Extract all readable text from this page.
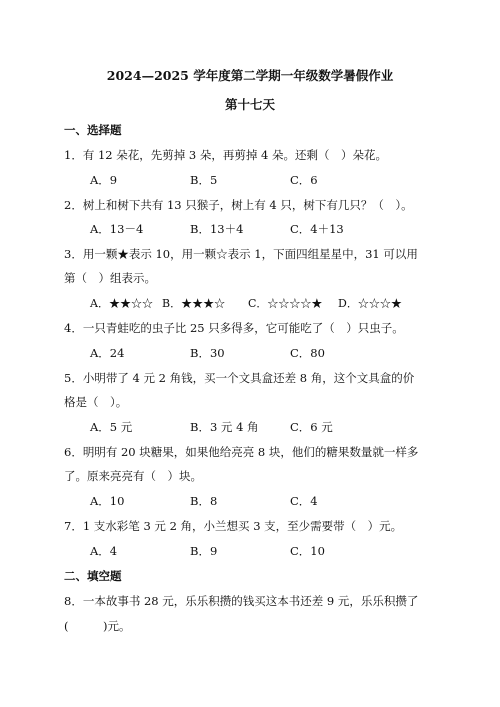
2024—2025 学年度第二学期一年级数学暑假作业
第十七天
一、选择题
1．有 12 朵花，先剪掉 3 朵，再剪掉 4 朵。还剩（　）朵花。
A．9	B．5	C．6
2．树上和树下共有 13 只猴子，树上有 4 只，树下有几只？（　）。
A．13－4	B．13＋4	C．4＋13
3．用一颗★表示 10，用一颗☆表示 1，下面四组星星中，31 可以用
第（　）组表示。
A．★★☆☆ B．★★★☆ C．☆☆☆☆★ D．☆☆☆★
4．一只青蛙吃的虫子比 25 只多得多，它可能吃了（　）只虫子。
A．24	B．30	C．80
5．小明带了 4 元 2 角钱，买一个文具盒还差 8 角，这个文具盒的价
格是（　）。
A．5 元	B．3 元 4 角	C．6 元
6．明明有 20 块糖果，如果他给亮亮 8 块，他们的糖果数量就一样多
了。原来亮亮有（　）块。
A．10	B．8	C．4
7．1 支水彩笔 3 元 2 角，小兰想买 3 支，至少需要带（　）元。
A．4	B．9	C．10
二、填空题
8．一本故事书 28 元，乐乐积攒的钱买这本书还差 9 元，乐乐积攒了
(　　　)元。
